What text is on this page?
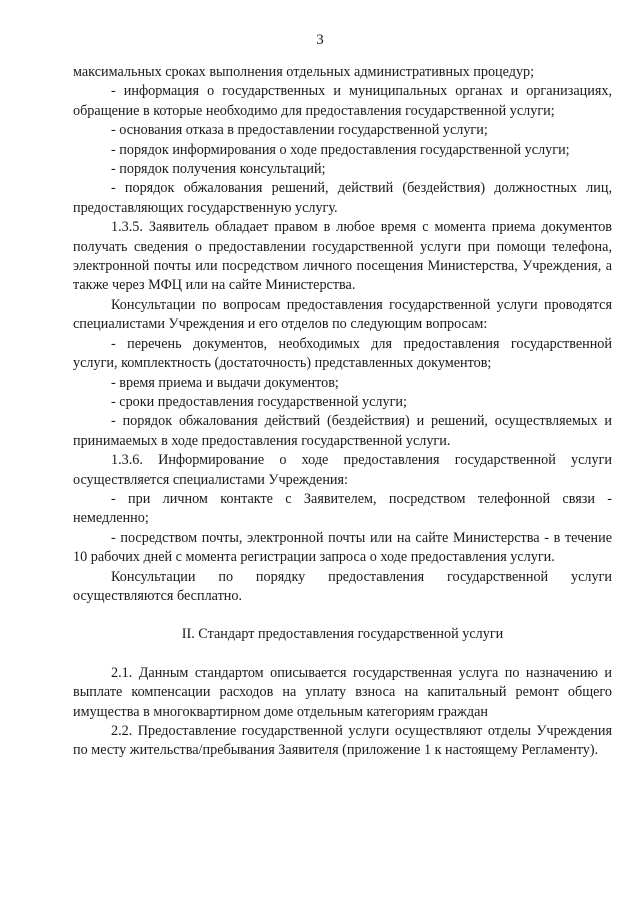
3

максимальных сроках выполнения отдельных административных процедур;

- информация о государственных и муниципальных органах и организациях, обращение в которые необходимо для предоставления государственной услуги;

- основания отказа в предоставлении государственной услуги;

- порядок информирования о ходе предоставления государственной услуги;

- порядок получения консультаций;

- порядок обжалования решений, действий (бездействия) должностных лиц, предоставляющих государственную услугу.

1.3.5. Заявитель обладает правом в любое время с момента приема документов получать сведения о предоставлении государственной услуги при помощи телефона, электронной почты или посредством личного посещения Министерства, Учреждения, а также через МФЦ или на сайте Министерства.

Консультации по вопросам предоставления государственной услуги проводятся специалистами Учреждения и его отделов по следующим вопросам:

- перечень документов, необходимых для предоставления государственной услуги, комплектность (достаточность) представленных документов;

- время приема и выдачи документов;

- сроки предоставления государственной услуги;

- порядок обжалования действий (бездействия) и решений, осуществляемых и принимаемых в ходе предоставления государственной услуги.

1.3.6. Информирование о ходе предоставления государственной услуги осуществляется специалистами Учреждения:

- при личном контакте с Заявителем, посредством телефонной связи - немедленно;

- посредством почты, электронной почты или на сайте Министерства - в течение 10 рабочих дней с момента регистрации запроса о ходе предоставления услуги.

Консультации по порядку предоставления государственной услуги осуществляются бесплатно.

II. Стандарт предоставления государственной услуги

2.1. Данным стандартом описывается государственная услуга по назначению и выплате компенсации расходов на уплату взноса на капитальный ремонт общего имущества в многоквартирном доме отдельным категориям граждан

2.2. Предоставление государственной услуги осуществляют отделы Учреждения по месту жительства/пребывания Заявителя (приложение 1 к настоящему Регламенту).
